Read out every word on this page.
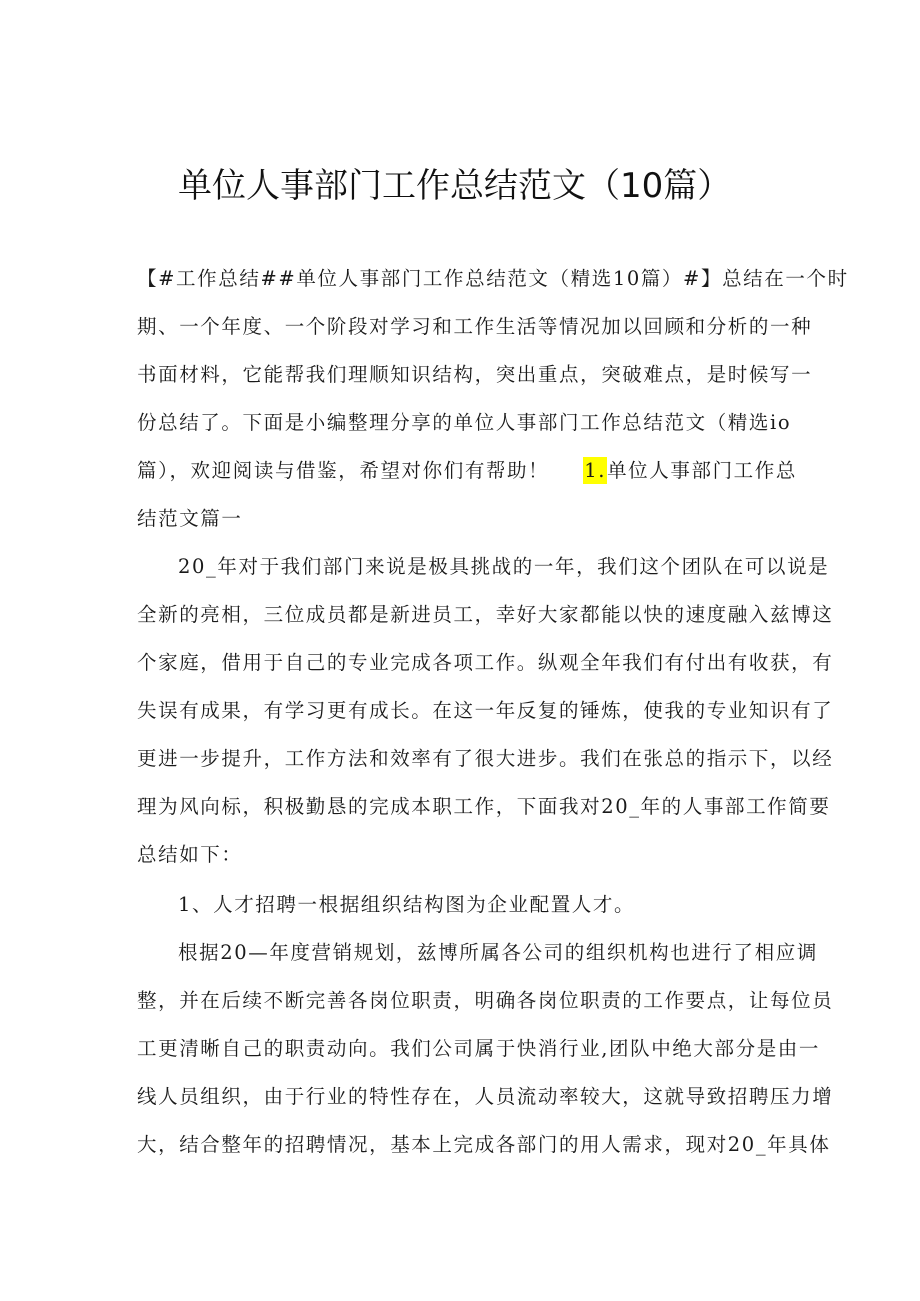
单位人事部门工作总结范文（10篇）
【#工作总结##单位人事部门工作总结范文（精选10篇）#】总结在一个时
期、一个年度、一个阶段对学习和工作生活等情况加以回顾和分析的一种
书面材料，它能帮我们理顺知识结构，突出重点，突破难点，是时候写一
份总结了。下面是小编整理分享的单位人事部门工作总结范文（精选io
篇），欢迎阅读与借鉴，希望对你们有帮助！ 1.单位人事部门工作总
结范文篇一
20_年对于我们部门来说是极具挑战的一年，我们这个团队在可以说是
全新的亮相，三位成员都是新进员工，幸好大家都能以快的速度融入兹博这
个家庭，借用于自己的专业完成各项工作。纵观全年我们有付出有收获，有
失误有成果，有学习更有成长。在这一年反复的锤炼，使我的专业知识有了
更进一步提升，工作方法和效率有了很大进步。我们在张总的指示下，以经
理为风向标，积极勤恳的完成本职工作，下面我对20_年的人事部工作简要
总结如下：
1、人才招聘一根据组织结构图为企业配置人才。
根据20—年度营销规划，兹博所属各公司的组织机构也进行了相应调
整，并在后续不断完善各岗位职责，明确各岗位职责的工作要点，让每位员
工更清晰自己的职责动向。我们公司属于快消行业,团队中绝大部分是由一
线人员组织，由于行业的特性存在，人员流动率较大，这就导致招聘压力增
大，结合整年的招聘情况，基本上完成各部门的用人需求，现对20_年具体
